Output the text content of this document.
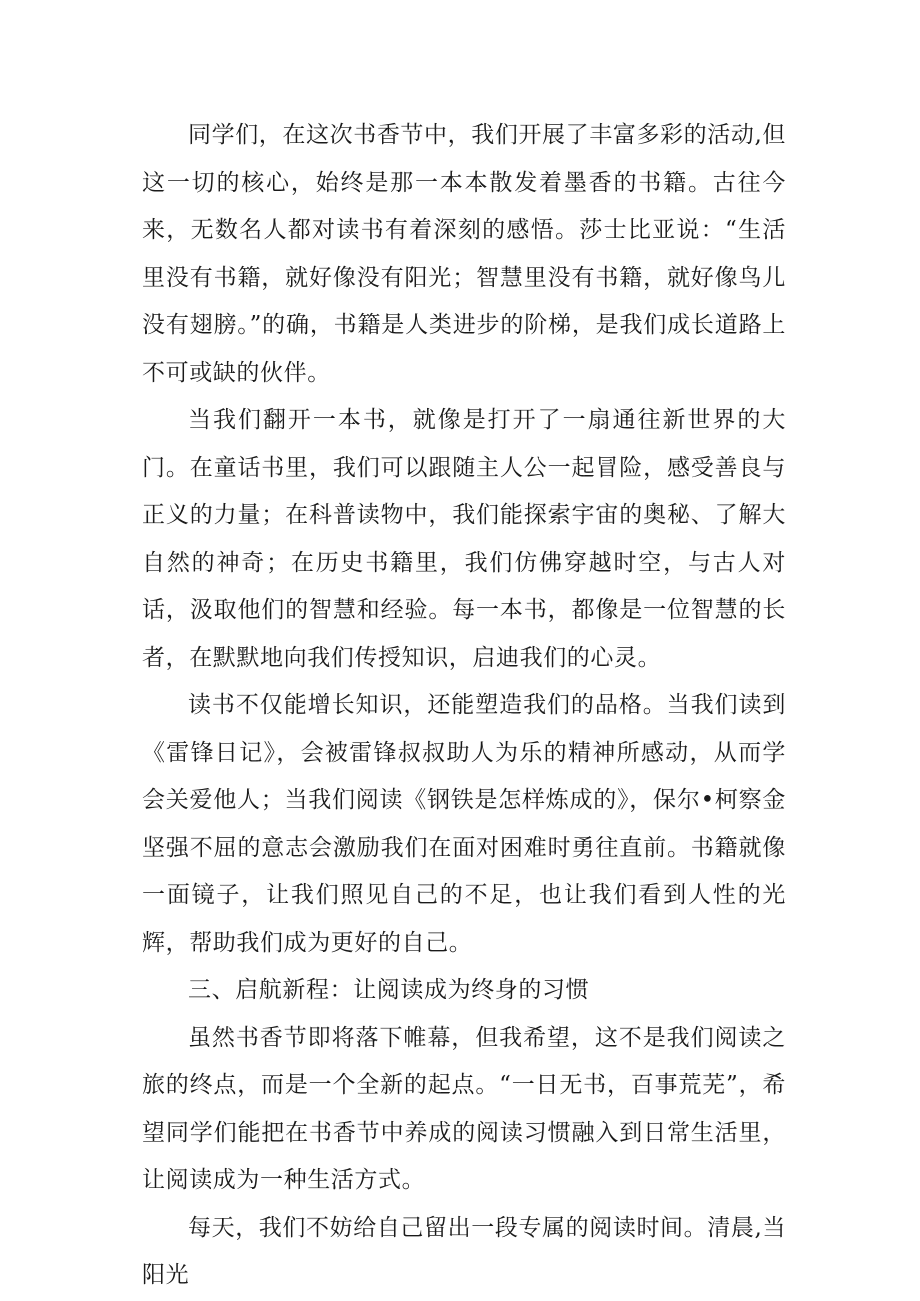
同学们，在这次书香节中，我们开展了丰富多彩的活动,但这一切的核心，始终是那一本本散发着墨香的书籍。古往今来，无数名人都对读书有着深刻的感悟。莎士比亚说：“生活里没有书籍，就好像没有阳光；智慧里没有书籍，就好像鸟儿没有翅膀。”的确，书籍是人类进步的阶梯，是我们成长道路上不可或缺的伙伴。

当我们翻开一本书，就像是打开了一扇通往新世界的大门。在童话书里，我们可以跟随主人公一起冒险，感受善良与正义的力量；在科普读物中，我们能探索宇宙的奥秘、了解大自然的神奇；在历史书籍里，我们仿佛穿越时空，与古人对话，汲取他们的智慧和经验。每一本书，都像是一位智慧的长者，在默默地向我们传授知识，启迪我们的心灵。

读书不仅能增长知识，还能塑造我们的品格。当我们读到《雷锋日记》，会被雷锋叔叔助人为乐的精神所感动，从而学会关爱他人；当我们阅读《钢铁是怎样炼成的》，保尔•柯察金坚强不屈的意志会激励我们在面对困难时勇往直前。书籍就像一面镜子，让我们照见自己的不足，也让我们看到人性的光辉，帮助我们成为更好的自己。

三、启航新程：让阅读成为终身的习惯

虽然书香节即将落下帷幕，但我希望，这不是我们阅读之旅的终点，而是一个全新的起点。“一日无书，百事荒芜”，希望同学们能把在书香节中养成的阅读习惯融入到日常生活里，让阅读成为一种生活方式。

每天，我们不妨给自己留出一段专属的阅读时间。清晨,当阳光
